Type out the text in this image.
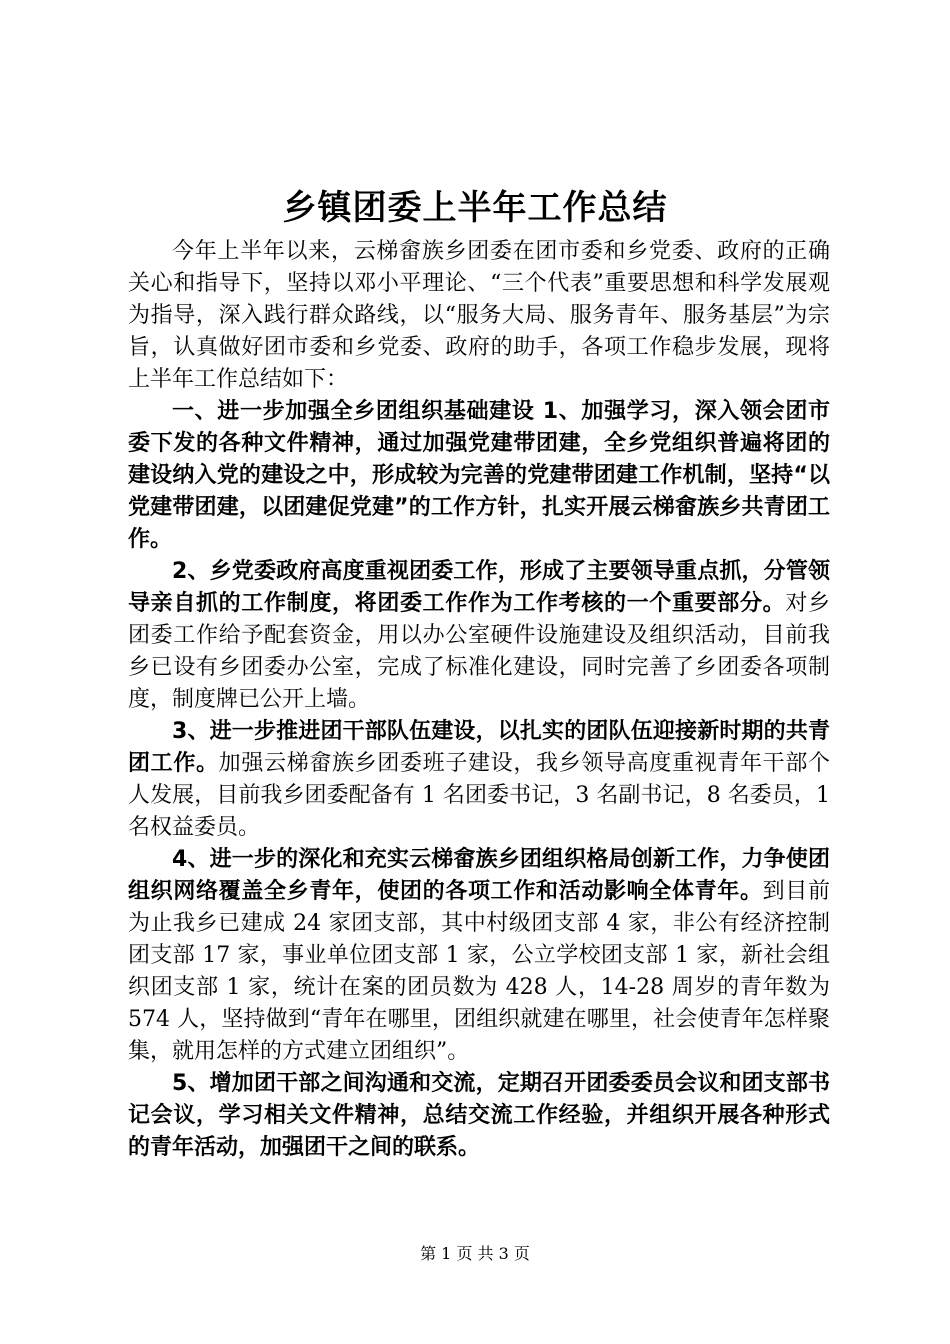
乡镇团委上半年工作总结

今年上半年以来，云梯畲族乡团委在团市委和乡党委、政府的正确关心和指导下，坚持以邓小平理论、“三个代表”重要思想和科学发展观为指导，深入践行群众路线，以“服务大局、服务青年、服务基层”为宗旨，认真做好团市委和乡党委、政府的助手，各项工作稳步发展，现将上半年工作总结如下：

一、进一步加强全乡团组织基础建设 1、加强学习，深入领会团市委下发的各种文件精神，通过加强党建带团建，全乡党组织普遍将团的建设纳入党的建设之中，形成较为完善的党建带团建工作机制，坚持“以党建带团建，以团建促党建”的工作方针，扎实开展云梯畲族乡共青团工作。

2、乡党委政府高度重视团委工作，形成了主要领导重点抓，分管领导亲自抓的工作制度，将团委工作作为工作考核的一个重要部分。对乡团委工作给予配套资金，用以办公室硬件设施建设及组织活动，目前我乡已设有乡团委办公室，完成了标准化建设，同时完善了乡团委各项制度，制度牌已公开上墙。

3、进一步推进团干部队伍建设，以扎实的团队伍迎接新时期的共青团工作。加强云梯畲族乡团委班子建设，我乡领导高度重视青年干部个人发展，目前我乡团委配备有 1 名团委书记，3 名副书记，8 名委员，1 名权益委员。

4、进一步的深化和充实云梯畲族乡团组织格局创新工作，力争使团组织网络覆盖全乡青年，使团的各项工作和活动影响全体青年。到目前为止我乡已建成 24 家团支部，其中村级团支部 4 家，非公有经济控制团支部 17 家，事业单位团支部 1 家，公立学校团支部 1 家，新社会组织团支部 1 家，统计在案的团员数为 428 人，14-28 周岁的青年数为 574 人，坚持做到“青年在哪里，团组织就建在哪里，社会使青年怎样聚集，就用怎样的方式建立团组织”。

5、增加团干部之间沟通和交流，定期召开团委委员会议和团支部书记会议，学习相关文件精神，总结交流工作经验，并组织开展各种形式的青年活动，加强团干之间的联系。

第 1 页 共 3 页
